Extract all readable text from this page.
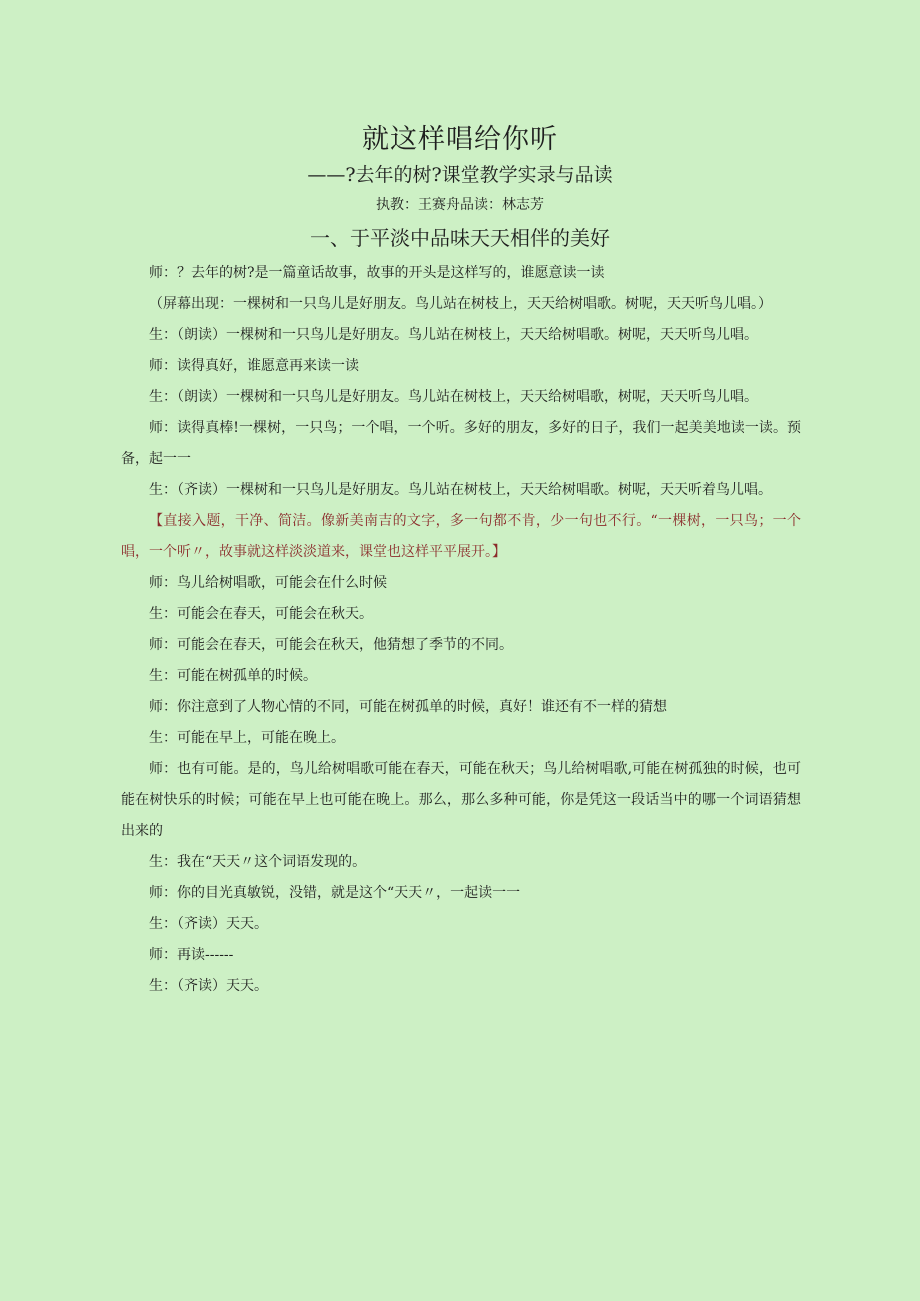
就这样唱给你听
——?去年的树?课堂教学实录与品读
执教：王赛舟品读：林志芳
一、于平淡中品味天天相伴的美好

师：？去年的树?是一篇童话故事，故事的开头是这样写的，谁愿意读一读

（屏幕出现：一棵树和一只鸟儿是好朋友。鸟儿站在树枝上，天天给树唱歌。树呢，天天听鸟儿唱。）

生：（朗读）一棵树和一只鸟儿是好朋友。鸟儿站在树枝上，天天给树唱歌。树呢，天天听鸟儿唱。

师：读得真好，谁愿意再来读一读

生：（朗读）一棵树和一只鸟儿是好朋友。鸟儿站在树枝上，天天给树唱歌，树呢，天天听鸟儿唱。

师：读得真棒!一棵树，一只鸟；一个唱，一个听。多好的朋友，多好的日子，我们一起美美地读一读。预备，起一一

生：（齐读）一棵树和一只鸟儿是好朋友。鸟儿站在树枝上，天天给树唱歌。树呢，天天听着鸟儿唱。

【直接入题，干净、简洁。像新美南吉的文字，多一句都不肯，少一句也不行。“一棵树，一只鸟；一个唱，一个听〃，故事就这样淡淡道来，课堂也这样平平展开。】

师：鸟儿给树唱歌，可能会在什么时候

生：可能会在春天，可能会在秋天。

师：可能会在春天，可能会在秋天，他猜想了季节的不同。

生：可能在树孤单的时候。

师：你注意到了人物心情的不同，可能在树孤单的时候，真好！谁还有不一样的猜想

生：可能在早上，可能在晚上。

师：也有可能。是的，鸟儿给树唱歌可能在春天，可能在秋天；鸟儿给树唱歌,可能在树孤独的时候，也可能在树快乐的时候；可能在早上也可能在晚上。那么，那么多种可能，你是凭这一段话当中的哪一个词语猜想出来的

生：我在“天天〃这个词语发现的。

师：你的目光真敏锐，没错，就是这个“天天〃，一起读一一

生：（齐读）天天。

师：再读------

生：（齐读）天天。
